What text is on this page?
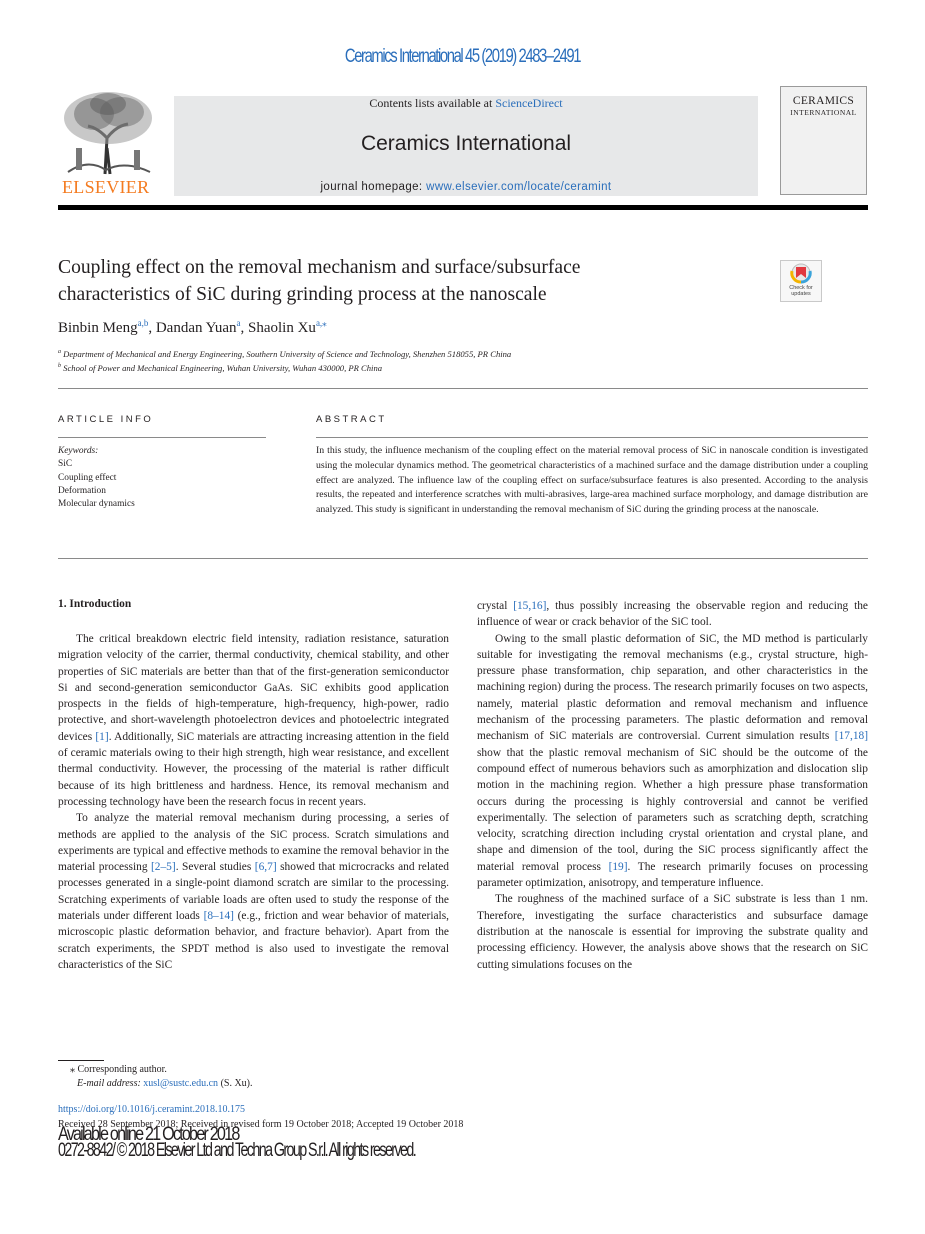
Ceramics International 45 (2019) 2483–2491
ELSEVIER
Contents lists available at ScienceDirect
Ceramics International
journal homepage: www.elsevier.com/locate/ceramint
CERAMICS
INTERNATIONAL
Coupling effect on the removal mechanism and surface/subsurface
characteristics of SiC during grinding process at the nanoscale	Check for
updates
Binbin Meng$^{a,b}$, Dandan Yuan$^a$, Shaolin $Xu^{a,⁎}$
$^a$ Department of Mechanical and Energy Engineering, Southern University of Science and Technology, Shenzhen 518055, PR China
$^b$ School of Power and Mechanical Engineering, Wuhan University, Wuhan 430000, PR China
ARTICLE INFO	ABSTRACT
Keywords:
SiC
Coupling effect
Deformation
Molecular dynamics
In this study, the influence mechanism of the coupling effect on the material removal process of SiC in nanoscale condition is investigated using the molecular dynamics method. The geometrical characteristics of a machined surface and the damage distribution under a coupling effect are analyzed. The influence law of the coupling effect on surface/subsurface features is also presented. According to the analysis results, the repeated and interference scratches with multi-abrasives, large-area machined surface morphology, and damage distribution are analyzed. This study is significant in understanding the removal mechanism of SiC during the grinding process at the nanoscale.
1. Introduction

The critical breakdown electric field intensity, radiation resistance, saturation migration velocity of the carrier, thermal conductivity, chemical stability, and other properties of SiC materials are better than that of the first-generation semiconductor Si and second-generation semiconductor GaAs. SiC exhibits good application prospects in the fields of high-temperature, high-frequency, high-power, radio protective, and short-wavelength photoelectron devices and photoelectric integrated devices [1]. Additionally, SiC materials are attracting increasing attention in the field of ceramic materials owing to their high strength, high wear resistance, and excellent thermal conductivity. However, the processing of the material is rather difficult because of its high brittleness and hardness. Hence, its removal mechanism and processing technology have been the research focus in recent years.

To analyze the material removal mechanism during processing, a series of methods are applied to the analysis of the SiC process. Scratch simulations and experiments are typical and effective methods to examine the removal behavior in the material processing [2–5]. Several studies [6,7] showed that microcracks and related processes generated in a single-point diamond scratch are similar to the processing. Scratching experiments of variable loads are often used to study the response of the materials under different loads [8–14] (e.g., friction and wear behavior of materials, microscopic plastic deformation behavior, and fracture behavior). Apart from the scratch experiments, the SPDT method is also used to investigate the removal characteristics of the SiC

crystal [15,16], thus possibly increasing the observable region and reducing the influence of wear or crack behavior of the SiC tool.

Owing to the small plastic deformation of SiC, the MD method is particularly suitable for investigating the removal mechanisms (e.g., crystal structure, high-pressure phase transformation, chip separation, and other characteristics in the machining region) during the process. The research primarily focuses on two aspects, namely, material plastic deformation and removal mechanism and influence mechanism of the processing parameters. The plastic deformation and removal mechanism of SiC materials are controversial. Current simulation results [17,18] show that the plastic removal mechanism of SiC should be the outcome of the compound effect of numerous behaviors such as amorphization and dislocation slip motion in the machining region. Whether a high pressure phase transformation occurs during the processing is highly controversial and cannot be verified experimentally. The selection of parameters such as scratching depth, scratching velocity, scratching direction including crystal orientation and crystal plane, and shape and dimension of the tool, during the SiC process significantly affect the material removal process [19]. The research primarily focuses on processing parameter optimization, anisotropy, and temperature influence.

The roughness of the machined surface of a SiC substrate is less than 1 nm. Therefore, investigating the surface characteristics and subsurface damage distribution at the nanoscale is essential for improving the substrate quality and processing efficiency. However, the analysis above shows that the research on SiC cutting simulations focuses on the

⁎ Corresponding author.
E-mail address: xusl@sustc.edu.cn (S. Xu).
https://doi.org/10.1016/j.ceramint.2018.10.175
Received 28 September 2018; Received in revised form 19 October 2018; Accepted 19 October 2018
Available online 21 October 2018
0272-8842/ © 2018 Elsevier Ltd and Techna Group S.r.l. All rights reserved.
